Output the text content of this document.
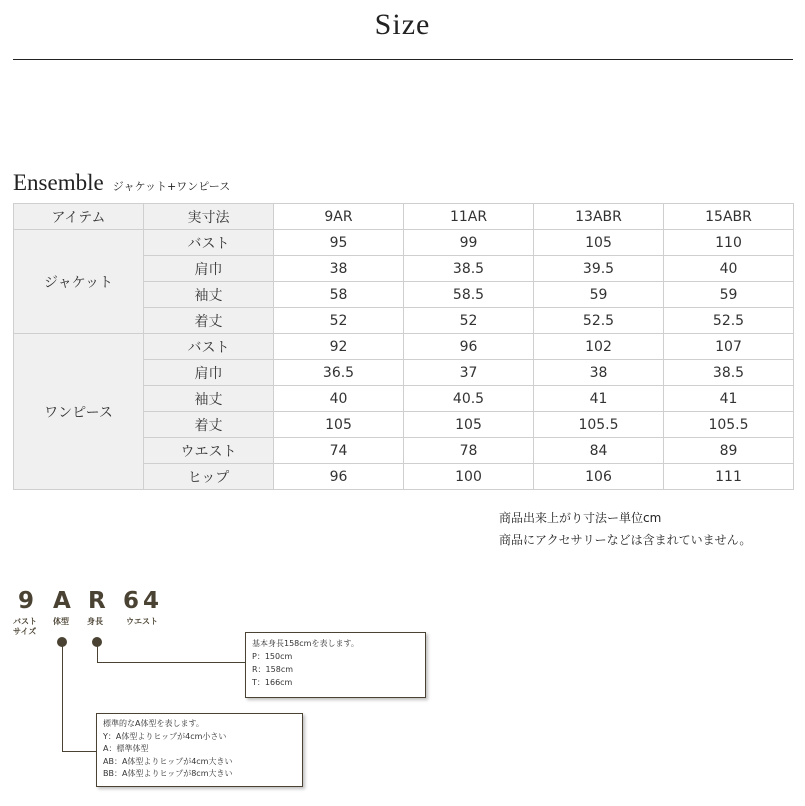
Size
Ensemble ジャケット+ワンピース
アイテム	実寸法	9AR	11AR	13ABR	15ABR
ジャケット	バスト	95	99	105	110
	肩巾	38	38.5	39.5	40
	袖丈	58	58.5	59	59
	着丈	52	52	52.5	52.5
ワンピース	バスト	92	96	102	107
	肩巾	36.5	37	38	38.5
	袖丈	40	40.5	41	41
	着丈	105	105	105.5	105.5
	ウエスト	74	78	84	89
	ヒップ	96	100	106	111
商品出来上がり寸法ー単位cm
商品にアクセサリーなどは含まれていません。
9 A R 64
バスト
サイズ
体型 身長	ウエスト
基本身長158cmを表します。
P：150cm
R：158cm
T：166cm
標準的なA体型を表します。
Y：A体型よりヒップが4cm小さい
A：標準体型
AB：A体型よりヒップが4cm大きい
BB：A体型よりヒップが8cm大きい
